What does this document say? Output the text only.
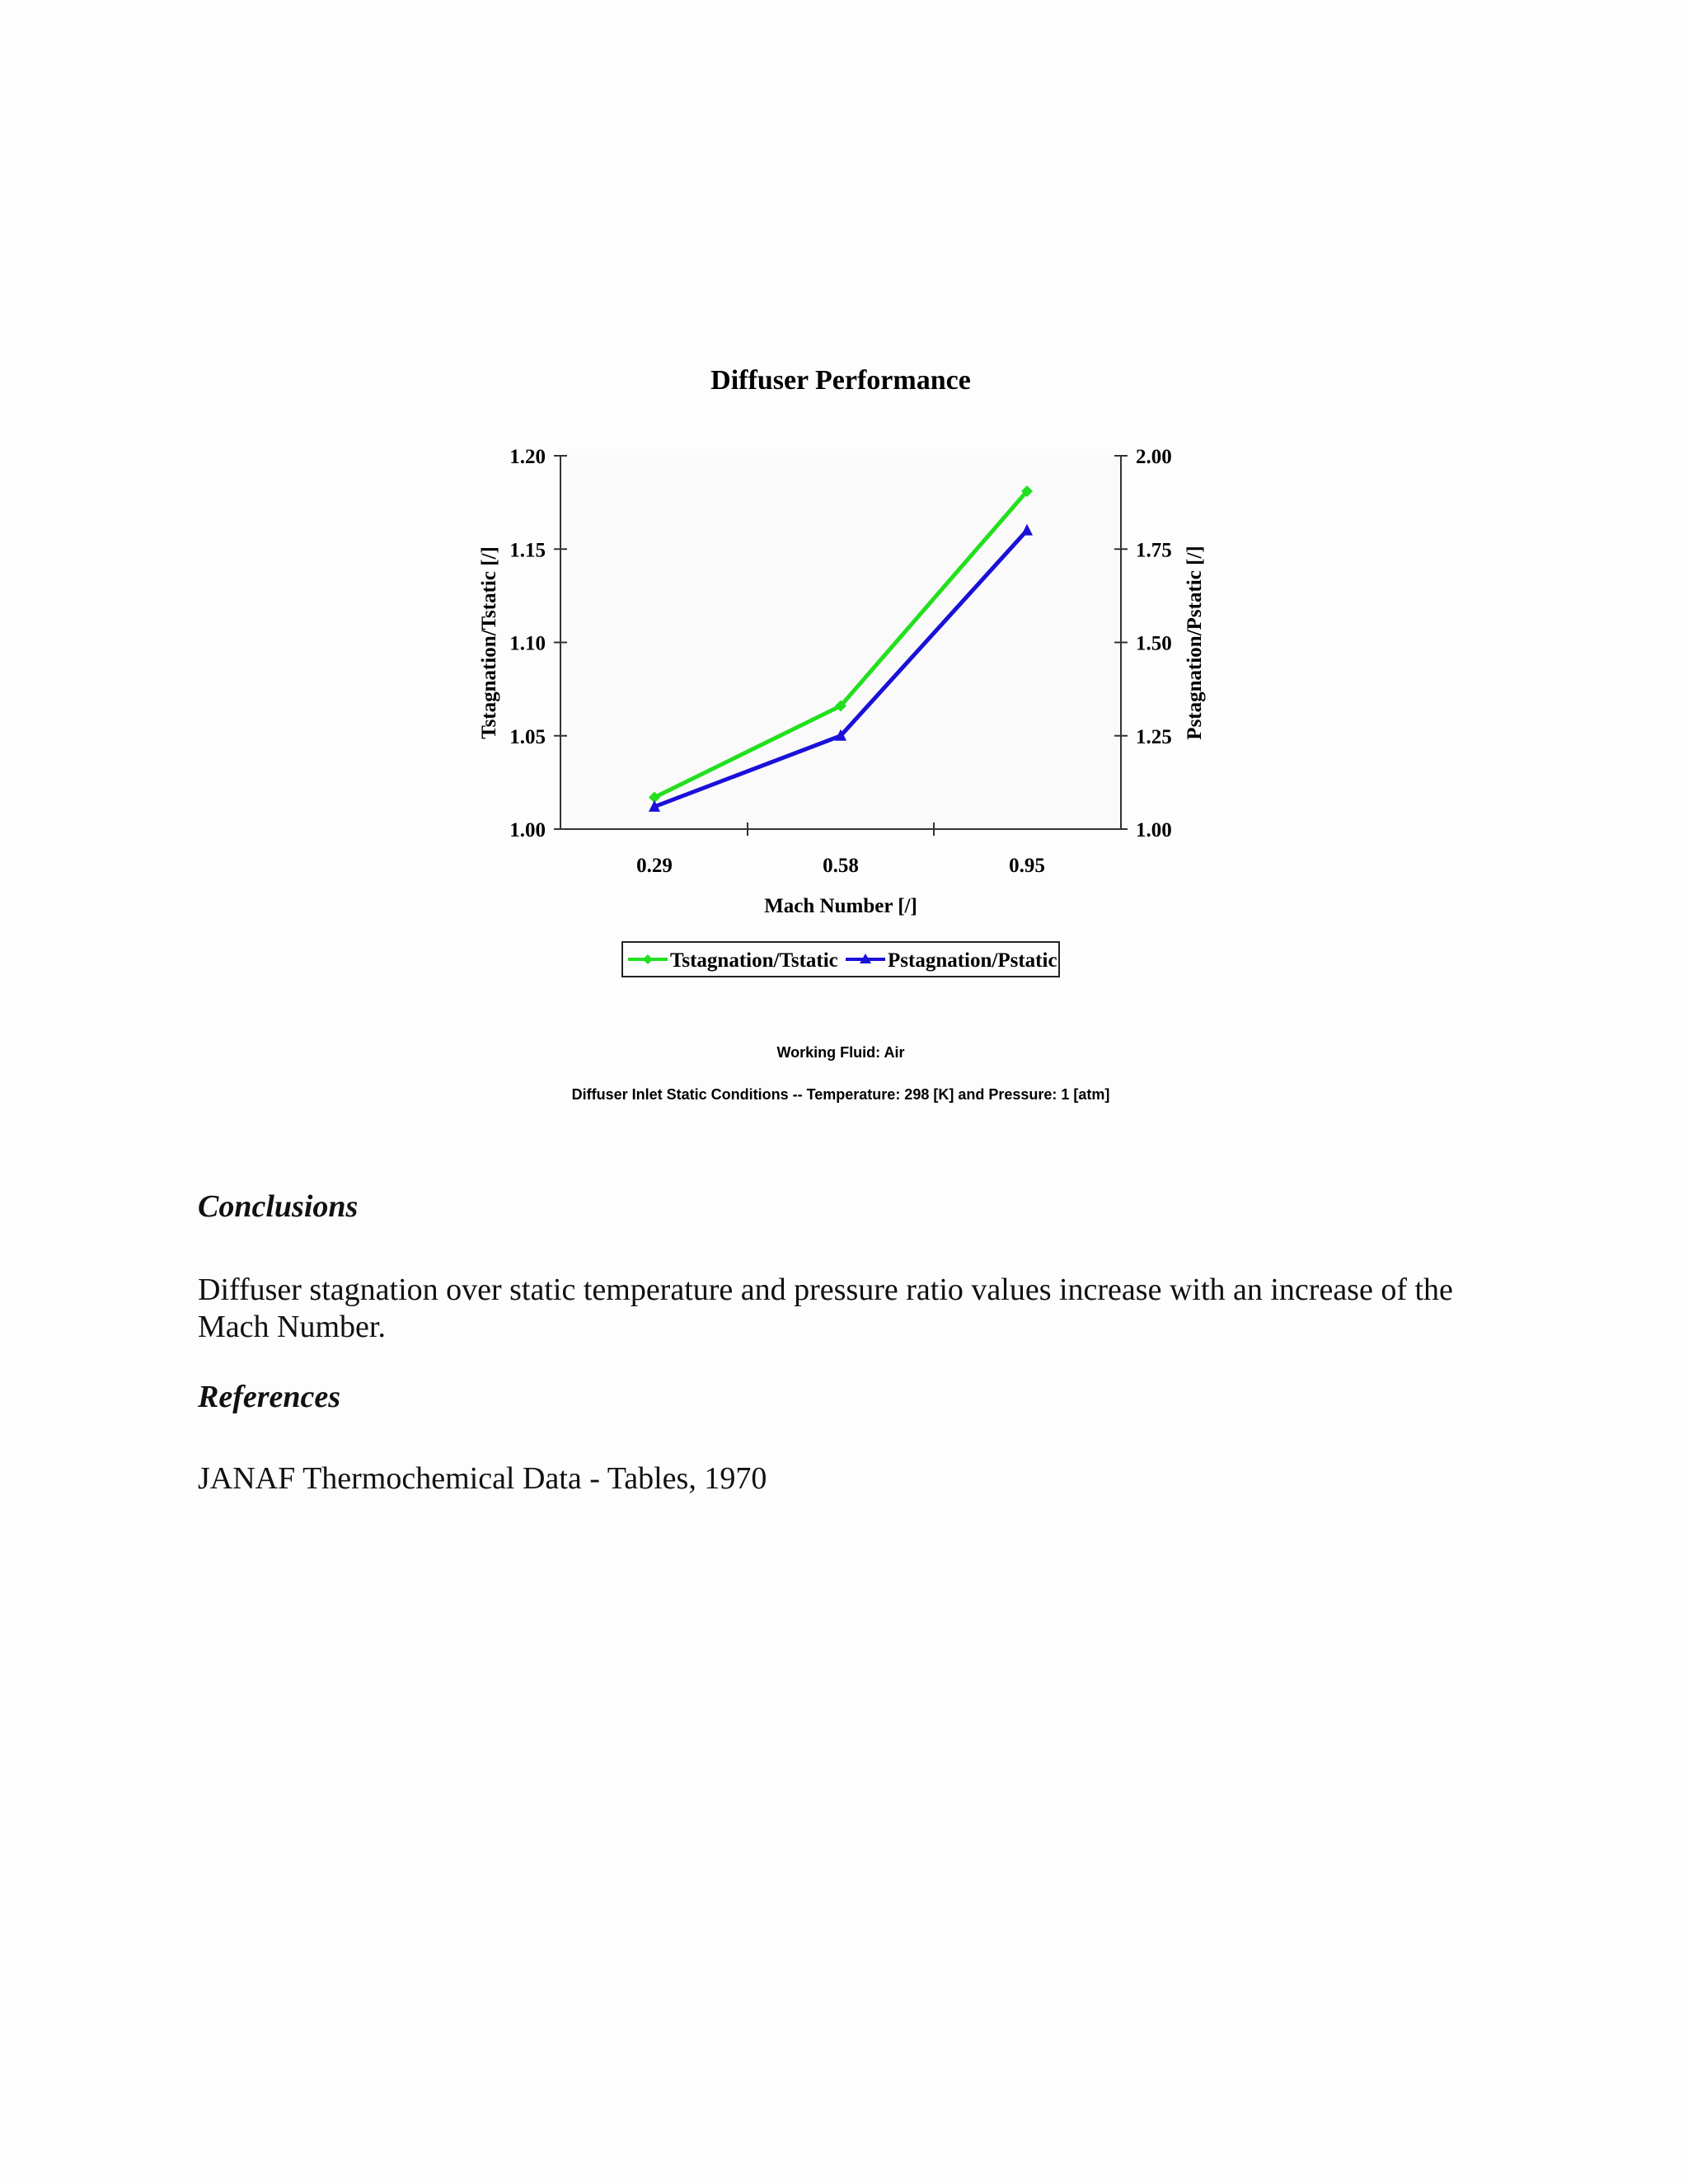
Diffuser Performance
1.00
1.05
1.10
1.15
1.20
1.00
1.25
1.50
1.75
2.00
0.29	0.58	0.95
Mach Number [/]
Tstagnation/Tstatic [/]	Pstagnation/Pstatic [/]
Tstagnation/Tstatic Pstagnation/Pstatic
Working Fluid: Air
Diffuser Inlet Static Conditions -- Temperature: 298 [K] and Pressure: 1 [atm]
Conclusions

Diffuser stagnation over static temperature and pressure ratio values increase with an increase of the Mach Number.

References

JANAF Thermochemical Data - Tables, 1970
